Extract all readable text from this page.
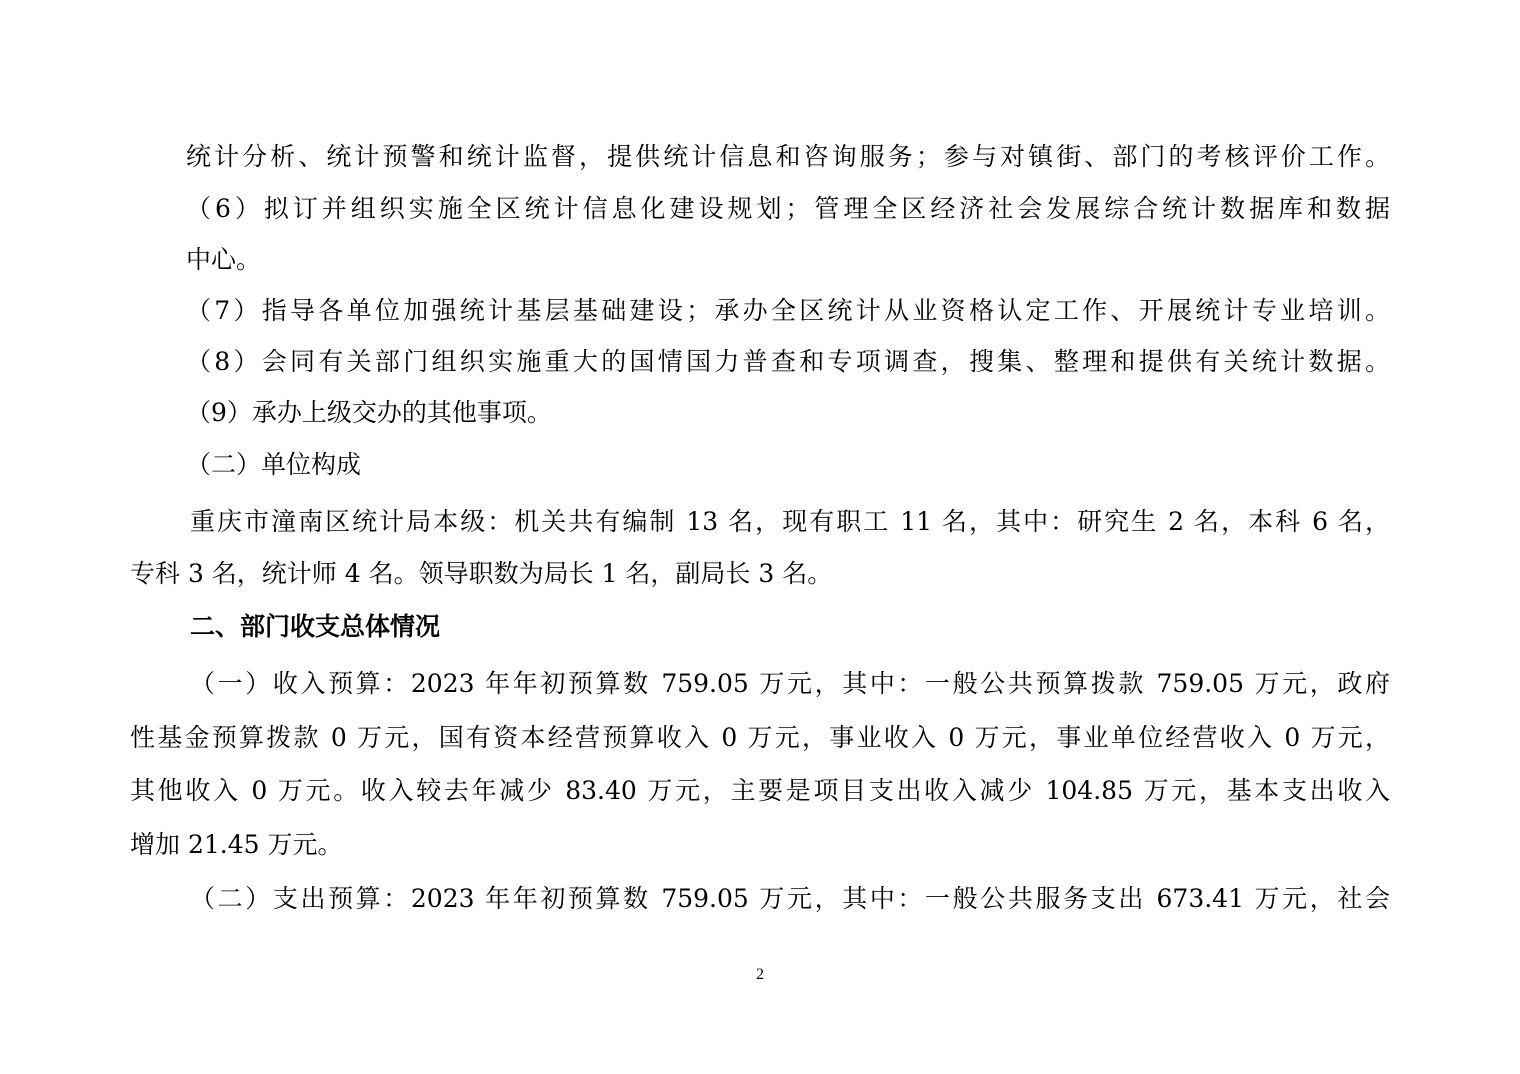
统计分析、统计预警和统计监督，提供统计信息和咨询服务；参与对镇街、部门的考核评价工作。

（6）拟订并组织实施全区统计信息化建设规划；管理全区经济社会发展综合统计数据库和数据

中心。

（7）指导各单位加强统计基层基础建设；承办全区统计从业资格认定工作、开展统计专业培训。

（8）会同有关部门组织实施重大的国情国力普查和专项调查，搜集、整理和提供有关统计数据。

（9）承办上级交办的其他事项。

（二）单位构成

重庆市潼南区统计局本级：机关共有编制 13 名，现有职工 11 名，其中：研究生 2 名，本科 6 名，

专科 3 名，统计师 4 名。领导职数为局长 1 名，副局长 3 名。

二、部门收支总体情况

（一）收入预算：2023 年年初预算数 759.05 万元，其中：一般公共预算拨款 759.05 万元，政府

性基金预算拨款 0 万元，国有资本经营预算收入 0 万元，事业收入 0 万元，事业单位经营收入 0 万元，

其他收入 0 万元。收入较去年减少 83.40 万元，主要是项目支出收入减少 104.85 万元，基本支出收入

增加 21.45 万元。

（二）支出预算：2023 年年初预算数 759.05 万元，其中：一般公共服务支出 673.41 万元，社会

2
